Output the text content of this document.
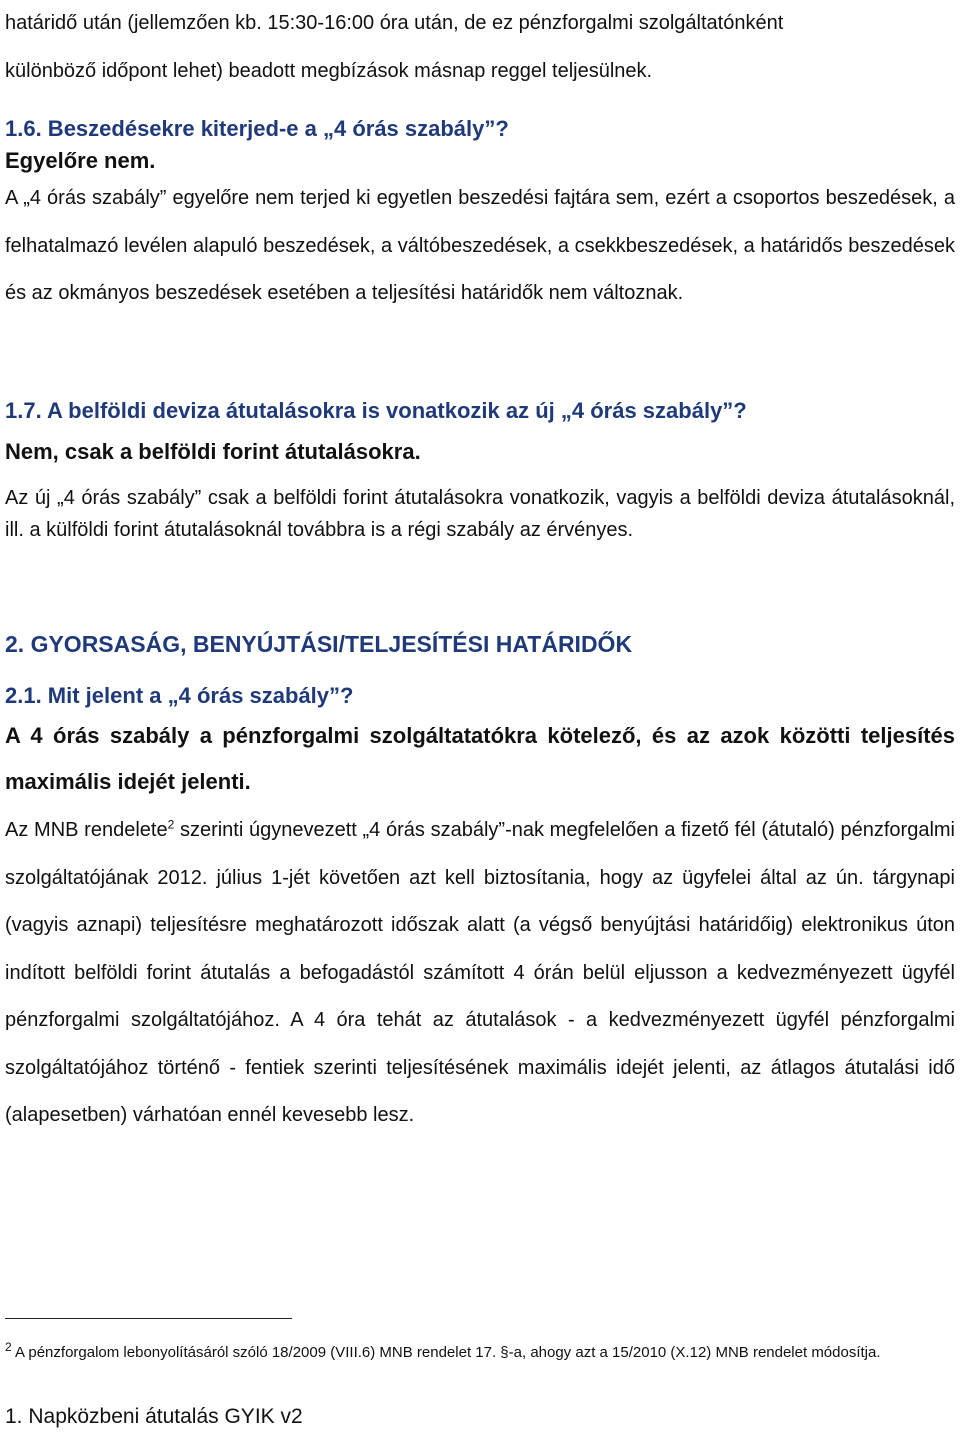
határidő után (jellemzően kb. 15:30-16:00 óra után, de ez pénzforgalmi szolgáltatónként
különböző időpont lehet) beadott megbízások másnap reggel teljesülnek.

1.6. Beszedésekre kiterjed-e a „4 órás szabály”?
Egyelőre nem.

A „4 órás szabály” egyelőre nem terjed ki egyetlen beszedési fajtára sem, ezért a csoportos beszedések, a felhatalmazó levélen alapuló beszedések, a váltóbeszedések, a csekkbeszedések, a határidős beszedések és az okmányos beszedések esetében a teljesítési határidők nem változnak.

1.7. A belföldi deviza átutalásokra is vonatkozik az új „4 órás szabály”?
Nem, csak a belföldi forint átutalásokra.

Az új „4 órás szabály” csak a belföldi forint átutalásokra vonatkozik, vagyis a belföldi deviza átutalásoknál, ill. a külföldi forint átutalásoknál továbbra is a régi szabály az érvényes.

2. GYORSASÁG, BENYÚJTÁSI/TELJESÍTÉSI HATÁRIDŐK
2.1. Mit jelent a „4 órás szabály”?

A 4 órás szabály a pénzforgalmi szolgáltatatókra kötelező, és az azok közötti teljesítés maximális idejét jelenti.

Az MNB rendelete$^2$ szerinti úgynevezett „4 órás szabály”-nak megfelelően a fizető fél (átutaló) pénzforgalmi szolgáltatójának 2012. július 1-jét követően azt kell biztosítania, hogy az ügyfelei által az ún. tárgynapi (vagyis aznapi) teljesítésre meghatározott időszak alatt (a végső benyújtási határidőig) elektronikus úton indított belföldi forint átutalás a befogadástól számított 4 órán belül eljusson a kedvezményezett ügyfél pénzforgalmi szolgáltatójához. A 4 óra tehát az átutalások - a kedvezményezett ügyfél pénzforgalmi szolgáltatójához történő - fentiek szerinti teljesítésének maximális idejét jelenti, az átlagos átutalási idő (alapesetben) várhatóan ennél kevesebb lesz.

$^2$ A pénzforgalom lebonyolításáról szóló 18/2009 (VIII.6) MNB rendelet 17. §-a, ahogy azt a 15/2010 (X.12) MNB rendelet módosítja.

1. Napközbeni átutalás GYIK v2
